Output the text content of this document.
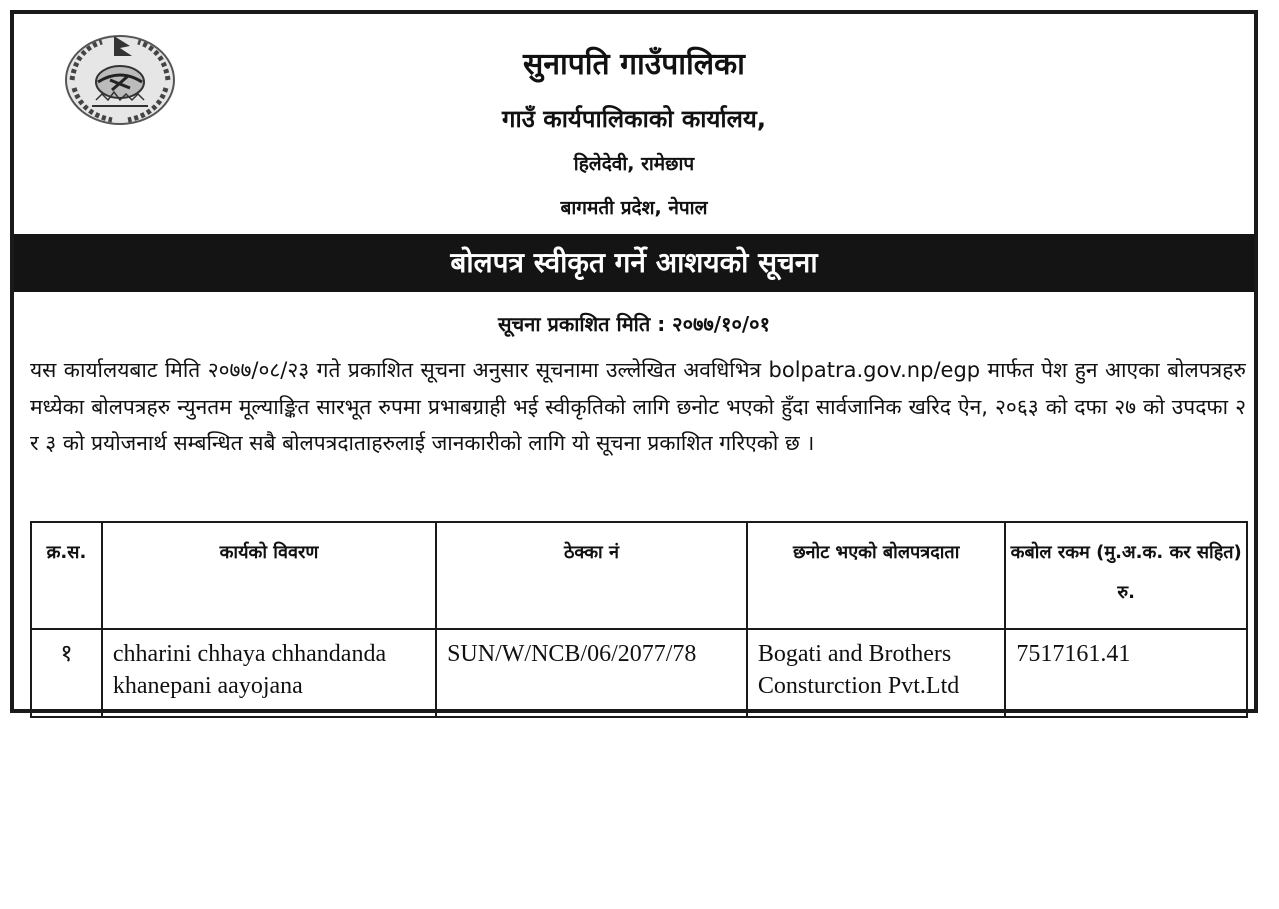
सुनापति गाउँपालिका
गाउँ कार्यपालिकाको कार्यालय,
हिलेदेवी, रामेछाप
बागमती प्रदेश, नेपाल
बोलपत्र स्वीकृत गर्ने आशयको सूचना
सूचना प्रकाशित मिति : २०७७/१०/०१
यस कार्यालयबाट मिति २०७७/०८/२३ गते प्रकाशित सूचना अनुसार सूचनामा उल्लेखित अवधिभित्र bolpatra.gov.np/egp मार्फत पेश हुन आएका बोलपत्रहरु मध्येका बोलपत्रहरु न्युनतम मूल्याङ्कित सारभूत रुपमा प्रभाबग्राही भई स्वीकृतिको लागि छनोट भएको हुँदा सार्वजानिक खरिद ऐन, २०६३ को दफा २७ को उपदफा २ र ३ को प्रयोजनार्थ सम्बन्धित सबै बोलपत्रदाताहरुलाई जानकारीको लागि यो सूचना प्रकाशित गरिएको छ ।
क्र.स.	कार्यको विवरण	ठेक्का नं	छनोट भएको बोलपत्रदाता	कबोल रकम (मु.अ.क. कर सहित) रु.
१	chharini chhaya chhandanda khanepani aayojana	SUN/W/NCB/06/2077/78	Bogati and Brothers Consturction Pvt.Ltd	7517161.41
